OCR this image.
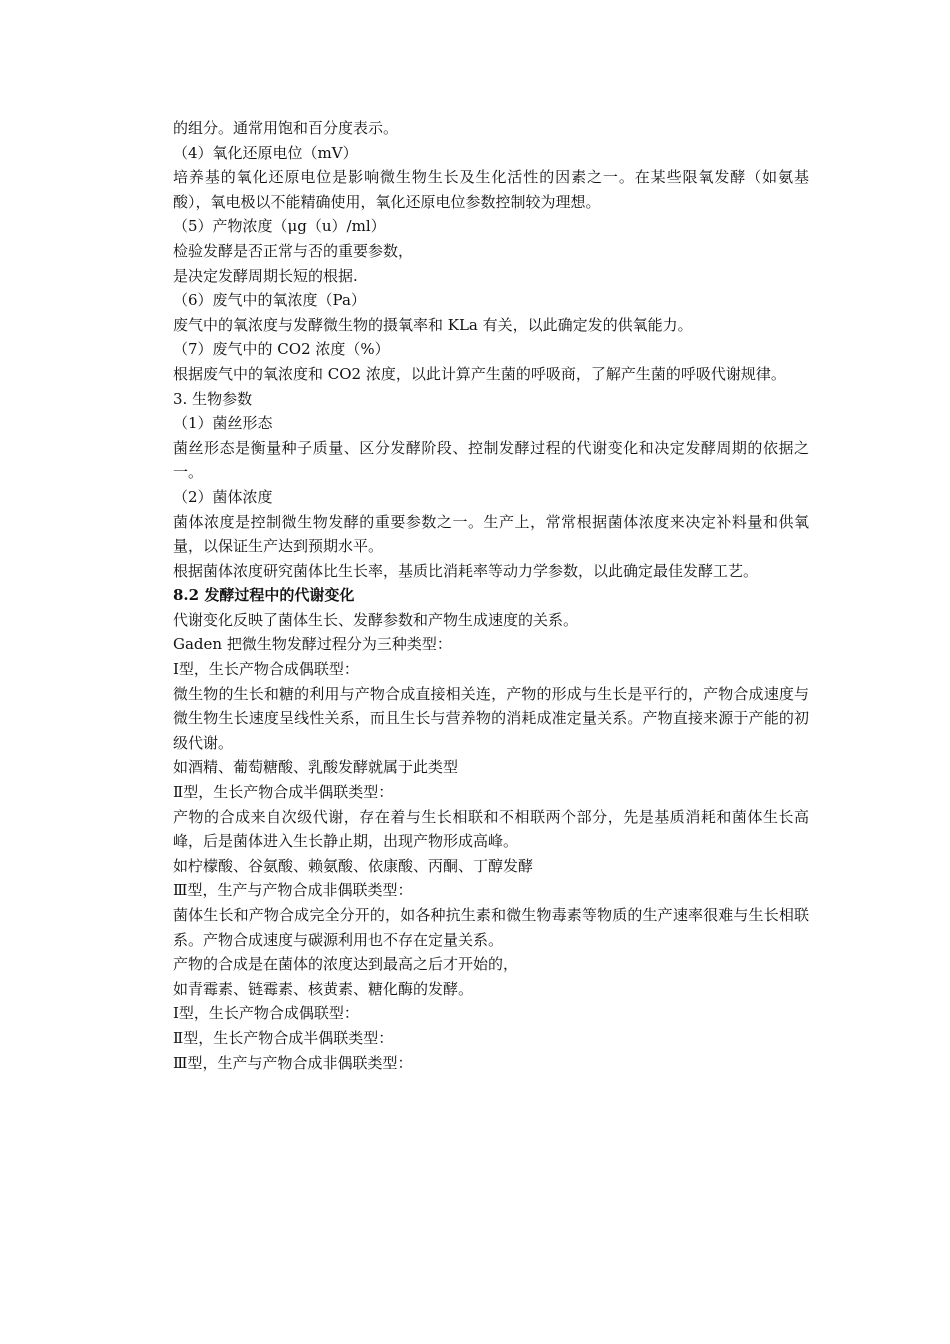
的组分。通常用饱和百分度表示。

（4）氧化还原电位（mV）

培养基的氧化还原电位是影响微生物生长及生化活性的因素之一。在某些限氧发酵（如氨基酸），氧电极以不能精确使用，氧化还原电位参数控制较为理想。

（5）产物浓度（μg（u）/ml）

检验发酵是否正常与否的重要参数，

是决定发酵周期长短的根据.

（6）废气中的氧浓度（Pa）

废气中的氧浓度与发酵微生物的摄氧率和 KLa 有关，以此确定发的供氧能力。

（7）废气中的 CO2 浓度（%）

根据废气中的氧浓度和 CO2 浓度，以此计算产生菌的呼吸商，了解产生菌的呼吸代谢规律。

3. 生物参数

（1）菌丝形态

菌丝形态是衡量种子质量、区分发酵阶段、控制发酵过程的代谢变化和决定发酵周期的依据之一。

（2）菌体浓度

菌体浓度是控制微生物发酵的重要参数之一。生产上，常常根据菌体浓度来决定补料量和供氧量，以保证生产达到预期水平。

根据菌体浓度研究菌体比生长率，基质比消耗率等动力学参数，以此确定最佳发酵工艺。

8.2 发酵过程中的代谢变化

代谢变化反映了菌体生长、发酵参数和产物生成速度的关系。

Gaden 把微生物发酵过程分为三种类型：

Ⅰ型，生长产物合成偶联型：

微生物的生长和糖的利用与产物合成直接相关连，产物的形成与生长是平行的，产物合成速度与微生物生长速度呈线性关系，而且生长与营养物的消耗成准定量关系。产物直接来源于产能的初级代谢。

如酒精、葡萄糖酸、乳酸发酵就属于此类型

Ⅱ型，生长产物合成半偶联类型：

产物的合成来自次级代谢，存在着与生长相联和不相联两个部分，先是基质消耗和菌体生长高峰，后是菌体进入生长静止期，出现产物形成高峰。

如柠檬酸、谷氨酸、赖氨酸、依康酸、丙酮、丁醇发酵

Ⅲ型，生产与产物合成非偶联类型：

菌体生长和产物合成完全分开的，如各种抗生素和微生物毒素等物质的生产速率很难与生长相联系。产物合成速度与碳源利用也不存在定量关系。

产物的合成是在菌体的浓度达到最高之后才开始的，

如青霉素、链霉素、核黄素、糖化酶的发酵。

Ⅰ型，生长产物合成偶联型：

Ⅱ型，生长产物合成半偶联类型：

Ⅲ型，生产与产物合成非偶联类型：
